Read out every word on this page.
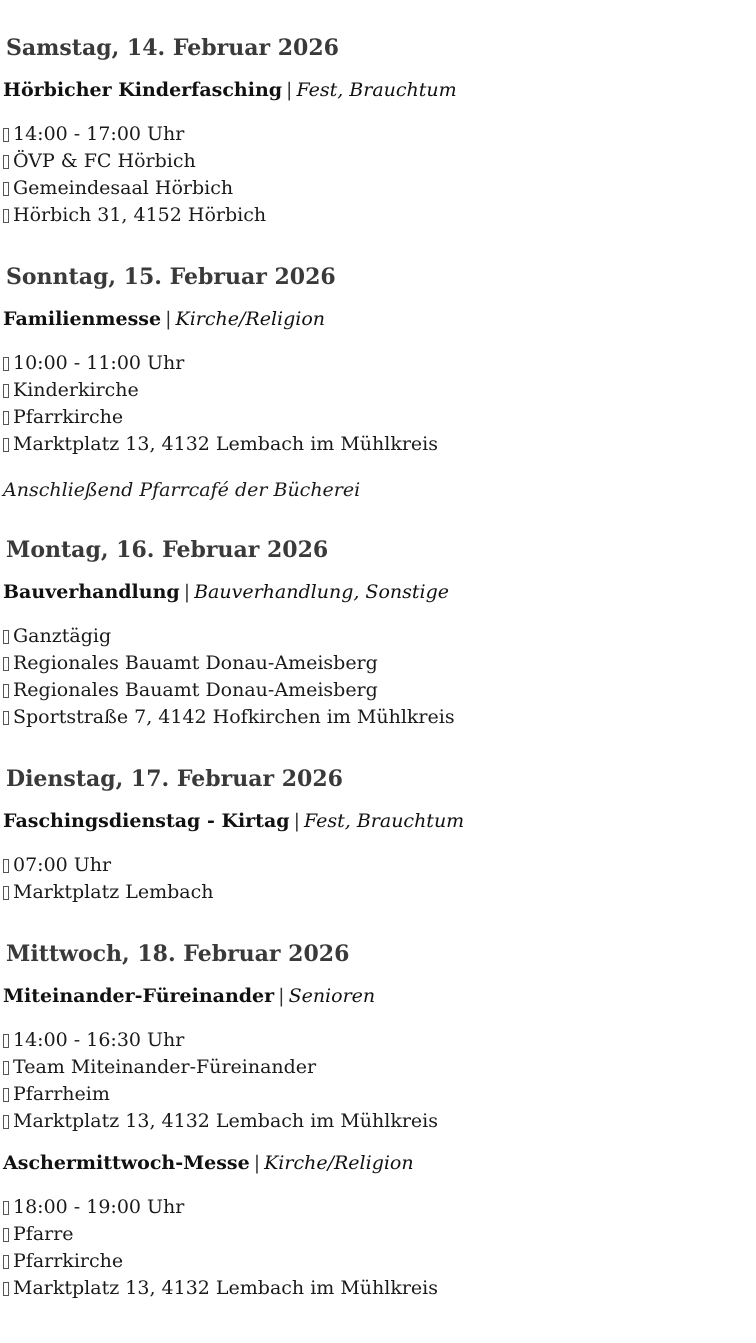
Samstag, 14. Februar 2026
Hörbicher Kinderfasching | Fest, Brauchtum
14:00 - 17:00 Uhr
ÖVP & FC Hörbich
Gemeindesaal Hörbich
Hörbich 31, 4152 Hörbich
Sonntag, 15. Februar 2026
Familienmesse | Kirche/Religion
10:00 - 11:00 Uhr
Kinderkirche
Pfarrkirche
Marktplatz 13, 4132 Lembach im Mühlkreis
Anschließend Pfarrcafé der Bücherei
Montag, 16. Februar 2026
Bauverhandlung | Bauverhandlung, Sonstige
Ganztägig
Regionales Bauamt Donau-Ameisberg
Regionales Bauamt Donau-Ameisberg
Sportstraße 7, 4142 Hofkirchen im Mühlkreis
Dienstag, 17. Februar 2026
Faschingsdienstag - Kirtag | Fest, Brauchtum
07:00 Uhr
Marktplatz Lembach
Mittwoch, 18. Februar 2026
Miteinander-Füreinander | Senioren
14:00 - 16:30 Uhr
Team Miteinander-Füreinander
Pfarrheim
Marktplatz 13, 4132 Lembach im Mühlkreis
Aschermittwoch-Messe | Kirche/Religion
18:00 - 19:00 Uhr
Pfarre
Pfarrkirche
Marktplatz 13, 4132 Lembach im Mühlkreis
